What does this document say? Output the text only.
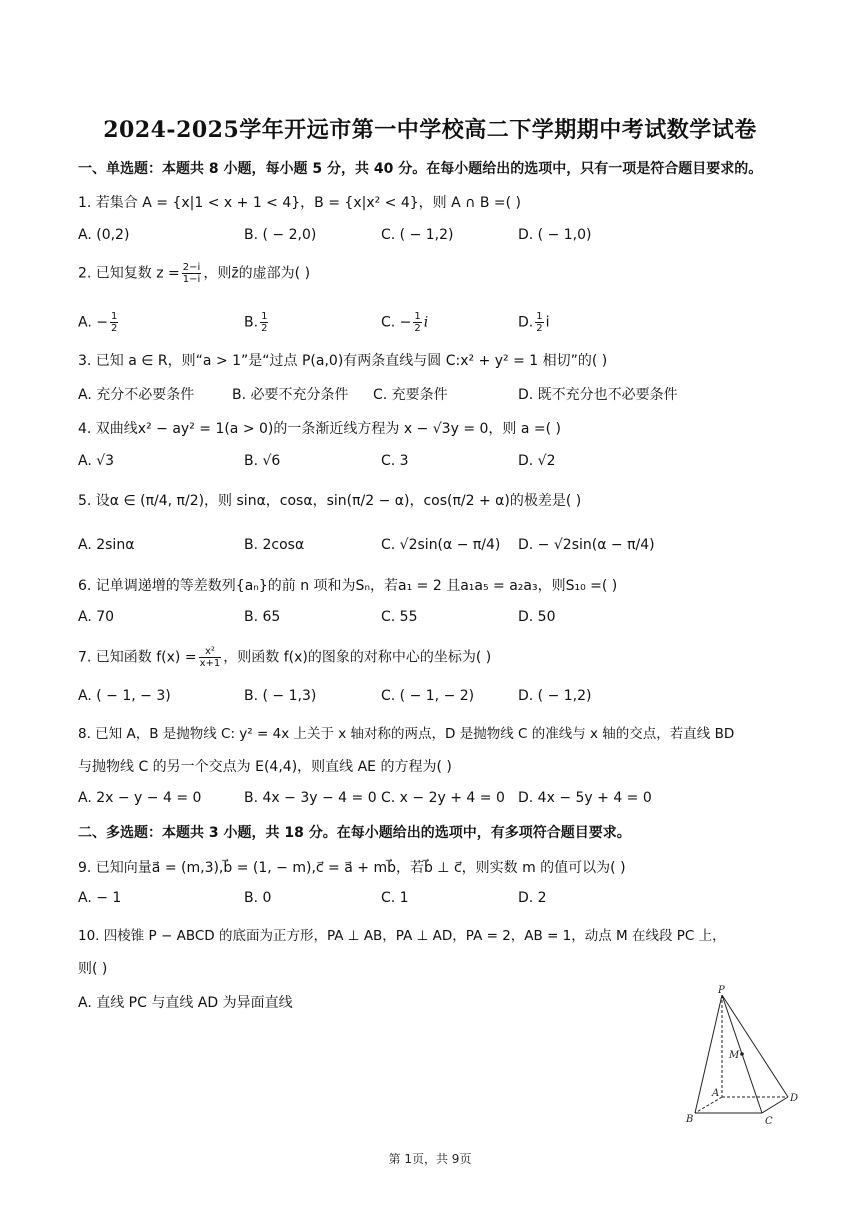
2024-2025学年开远市第一中学校高二下学期期中考试数学试卷
一、单选题：本题共 8 小题，每小题 5 分，共 40 分。在每小题给出的选项中，只有一项是符合题目要求的。
1. 若集合 A = {x|1 < x + 1 < 4}，B = {x|x² < 4}，则 A ∩ B =( )
A. (0,2)	B. ( − 2,0)	C. ( − 1,2)	D. ( − 1,0)
2. 已知复数 $z = \frac{2-i}{1-i}$ ，则z̄的虚部为( )
A. − $\frac{1}{2}$	B. $\frac{1}{2}$	C. − $\frac{1}{2}$ i	D. $\frac{1}{2}$ i
3. 已知 a ∈ R，则“a > 1”是“过点 P(a,0)有两条直线与圆 C:x² + y² = 1 相切”的( )
A. 充分不必要条件	B. 必要不充分条件 C. 充要条件	D. 既不充分也不必要条件
4. 双曲线x² − ay² = 1(a > 0)的一条渐近线方程为 x − √3y = 0，则 a =( )
A. √3	B. √6	C. 3	D. √2
5. 设α ∈ (π/4, π/2)，则 sinα，cosα，sin(π/2 − α)，cos(π/2 + α)的极差是( )
A. 2sinα	B. 2cosα	C. √2sin(α − π/4) D. − √2sin(α − π/4)
6. 记单调递增的等差数列{aₙ}的前 n 项和为Sₙ，若a₁ = 2 且a₁a₅ = a₂a₃，则S₁₀ =( )
A. 70	B. 65	C. 55	D. 50
7. 已知函数 $f(x) = \frac{\text{x²}}{x+1}$ ，则函数 f(x)的图象的对称中心的坐标为( )
A. ( − 1, − 3)	B. ( − 1,3)	C. ( − 1, − 2)	D. ( − 1,2)
8. 已知 A，B 是抛物线 C: y² = 4x 上关于 x 轴对称的两点，D 是抛物线 C 的准线与 x 轴的交点，若直线 BD
与抛物线 C 的另一个交点为 E(4,4)，则直线 AE 的方程为( )
A. 2x − y − 4 = 0	B. 4x − 3y − 4 = 0 C. x − 2y + 4 = 0 D. 4x − 5y + 4 = 0
二、多选题：本题共 3 小题，共 18 分。在每小题给出的选项中，有多项符合题目要求。
9. 已知向量a⃗ = (m,3),b⃗ = (1, − m),c⃗ = a⃗ + mb⃗，若b⃗ ⊥ c⃗，则实数 m 的值可以为( )
A. − 1	B. 0	C. 1	D. 2
10. 四棱锥 P − ABCD 的底面为正方形，PA ⊥ AB，PA ⊥ AD，PA = 2，AB = 1，动点 M 在线段 PC 上，
则( )
A. 直线 PC 与直线 AD 为异面直线
P
M
A
B	C
D
第 1页，共 9页
